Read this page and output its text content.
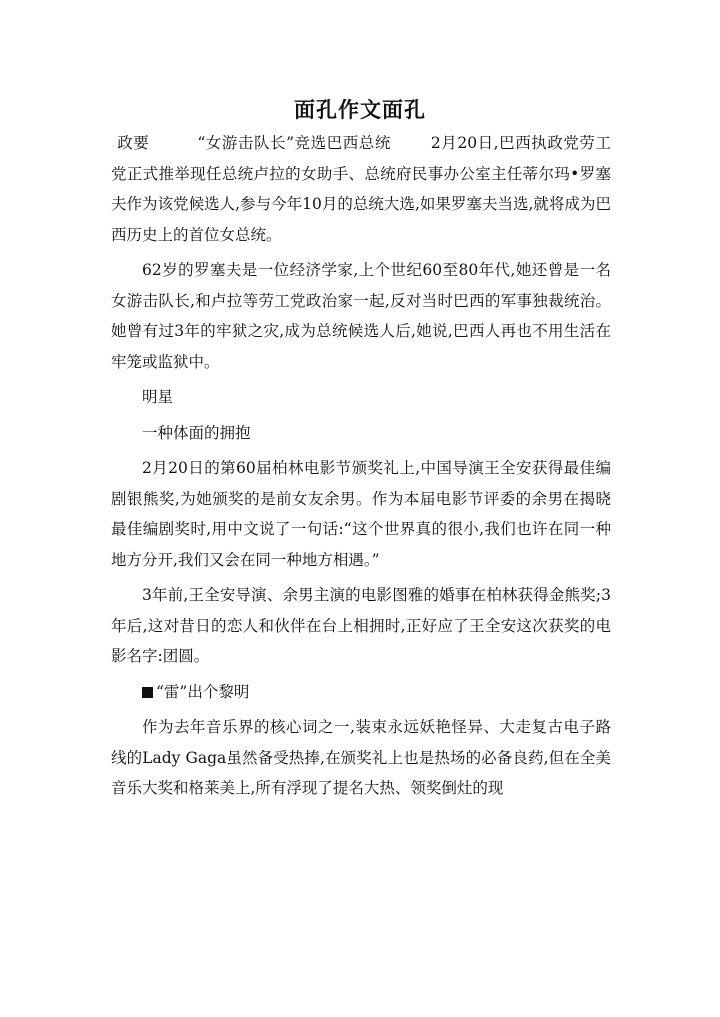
面孔作文面孔

政要	“女游击队长”竞选巴西总统	2月20日,巴西执政党劳工党正式推举现任总统卢拉的女助手、总统府民事办公室主任蒂尔玛•罗塞夫作为该党候选人,参与今年10月的总统大选,如果罗塞夫当选,就将成为巴西历史上的首位女总统。

62岁的罗塞夫是一位经济学家,上个世纪60至80年代,她还曾是一名女游击队长,和卢拉等劳工党政治家一起,反对当时巴西的军事独裁统治。她曾有过3年的牢狱之灾,成为总统候选人后,她说,巴西人再也不用生活在牢笼或监狱中。

明星

一种体面的拥抱

2月20日的第60届柏林电影节颁奖礼上,中国导演王全安获得最佳编剧银熊奖,为她颁奖的是前女友余男。作为本届电影节评委的余男在揭晓最佳编剧奖时,用中文说了一句话:“这个世界真的很小,我们也许在同一种地方分开,我们又会在同一种地方相遇。”

3年前,王全安导演、余男主演的电影图雅的婚事在柏林获得金熊奖;3年后,这对昔日的恋人和伙伴在台上相拥时,正好应了王全安这次获奖的电影名字:团圆。

“雷”出个黎明

作为去年音乐界的核心词之一,装束永远妖艳怪异、大走复古电子路线的Lady Gaga虽然备受热捧,在颁奖礼上也是热场的必备良药,但在全美音乐大奖和格莱美上,所有浮现了提名大热、领奖倒灶的现
